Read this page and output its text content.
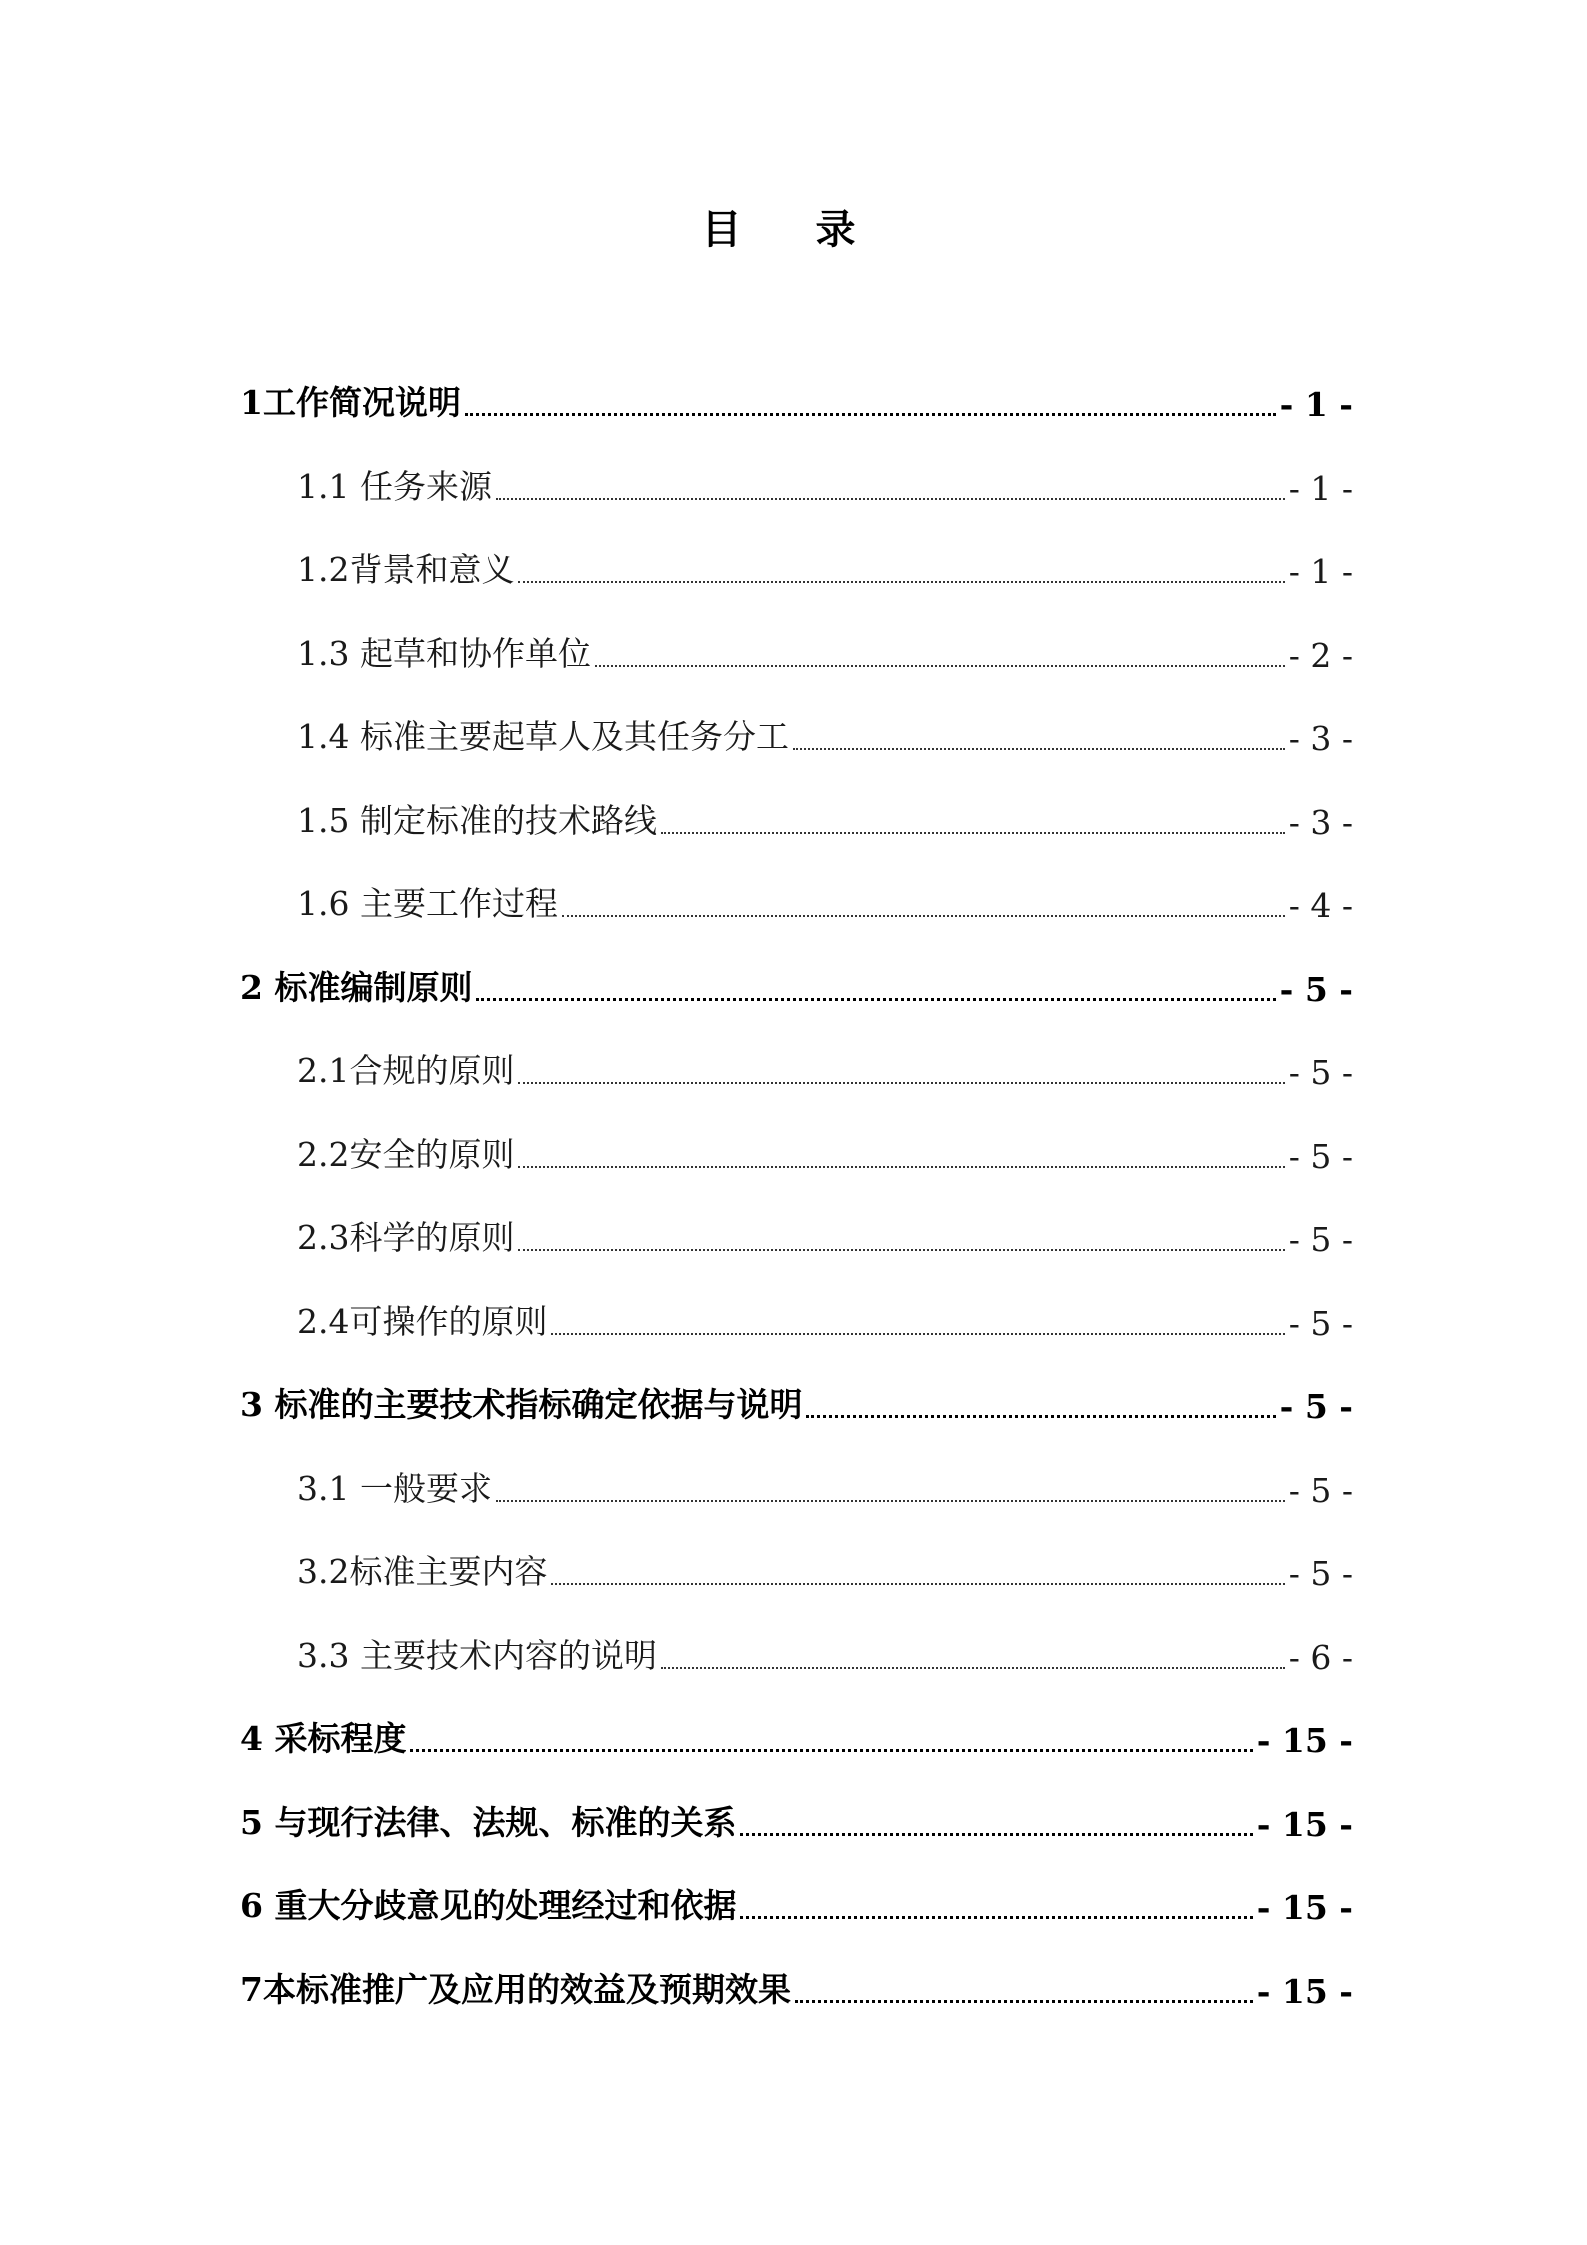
目 录
1工作简况说明	- 1 -
1.1 任务来源	- 1 -
1.2背景和意义	- 1 -
1.3 起草和协作单位	- 2 -
1.4 标准主要起草人及其任务分工	- 3 -
1.5 制定标准的技术路线	- 3 -
1.6 主要工作过程	- 4 -
2 标准编制原则	- 5 -
2.1合规的原则	- 5 -
2.2安全的原则	- 5 -
2.3科学的原则	- 5 -
2.4可操作的原则	- 5 -
3 标准的主要技术指标确定依据与说明	- 5 -
3.1 一般要求	- 5 -
3.2标准主要内容	- 5 -
3.3 主要技术内容的说明	- 6 -
4 采标程度	- 15 -
5 与现行法律、法规、标准的关系	- 15 -
6 重大分歧意见的处理经过和依据	- 15 -
7本标准推广及应用的效益及预期效果	- 15 -
